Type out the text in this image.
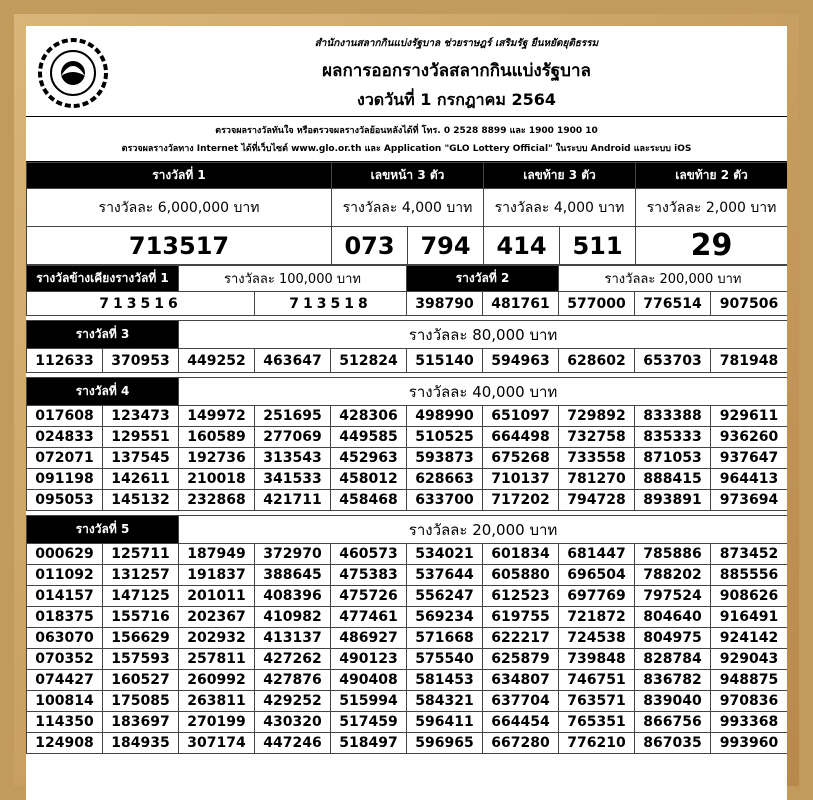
สำนักงานสลากกินแบ่งรัฐบาล ช่วยราษฎร์ เสริมรัฐ ยืนหยัดยุติธรรม
ผลการออกรางวัลสลากกินแบ่งรัฐบาล
งวดวันที่ 1 กรกฎาคม 2564
ตรวจผลรางวัลทันใจ หรือตรวจผลรางวัลย้อนหลังได้ที่ โทร. 0 2528 8899 และ 1900 1900 10
ตรวจผลรางวัลทาง Internet ได้ที่เว็บไซต์ www.glo.or.th และ Application "GLO Lottery Official" ในระบบ Android และระบบ iOS
รางวัลที่ 1	เลขหน้า 3 ตัว		เลขท้าย 3 ตัว		เลขท้าย 2 ตัว
รางวัลละ 6,000,000 บาท	รางวัลละ 4,000 บาท		รางวัลละ 4,000 บาท		รางวัลละ 2,000 บาท
713517	073	794	414	511	29
รางวัลข้างเคียงรางวัลที่ 1	รางวัลละ 100,000 บาท		รางวัลที่ 2		รางวัลละ 200,000 บาท		
713516		713518	398790	481761	577000	776514	907506
รางวัลที่ 3		รางวัลละ 80,000 บาท							
112633	370953	449252	463647	512824	515140	594963	628602	653703	781948
รางวัลที่ 4		รางวัลละ 40,000 บาท							
017608	123473	149972	251695	428306	498990	651097	729892	833388	929611
024833	129551	160589	277069	449585	510525	664498	732758	835333	936260
072071	137545	192736	313543	452963	593873	675268	733558	871053	937647
091198	142611	210018	341533	458012	628663	710137	781270	888415	964413
095053	145132	232868	421711	458468	633700	717202	794728	893891	973694
รางวัลที่ 5		รางวัลละ 20,000 บาท							
000629	125711	187949	372970	460573	534021	601834	681447	785886	873452
011092	131257	191837	388645	475383	537644	605880	696504	788202	885556
014157	147125	201011	408396	475726	556247	612523	697769	797524	908626
018375	155716	202367	410982	477461	569234	619755	721872	804640	916491
063070	156629	202932	413137	486927	571668	622217	724538	804975	924142
070352	157593	257811	427262	490123	575540	625879	739848	828784	929043
074427	160527	260992	427876	490408	581453	634807	746751	836782	948875
100814	175085	263811	429252	515994	584321	637704	763571	839040	970836
114350	183697	270199	430320	517459	596411	664454	765351	866756	993368
124908	184935	307174	447246	518497	596965	667280	776210	867035	993960
